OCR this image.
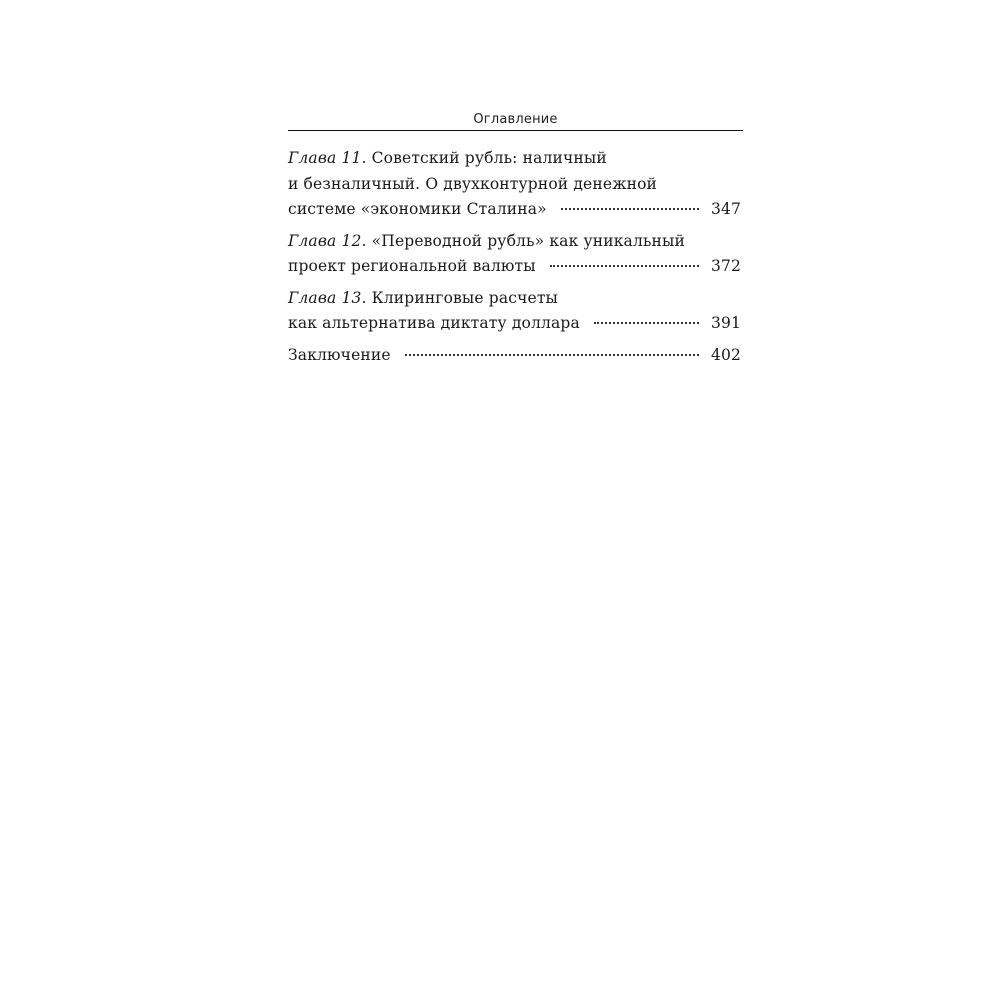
Оглавление
Глава 11. Советский рубль: наличный
и безналичный. О двухконтурной денежной
системе «экономики Сталина»	347
Глава 12. «Переводной рубль» как уникальный
проект региональной валюты	372
Глава 13. Клиринговые расчеты
как альтернатива диктату доллара	391
Заключение	402
